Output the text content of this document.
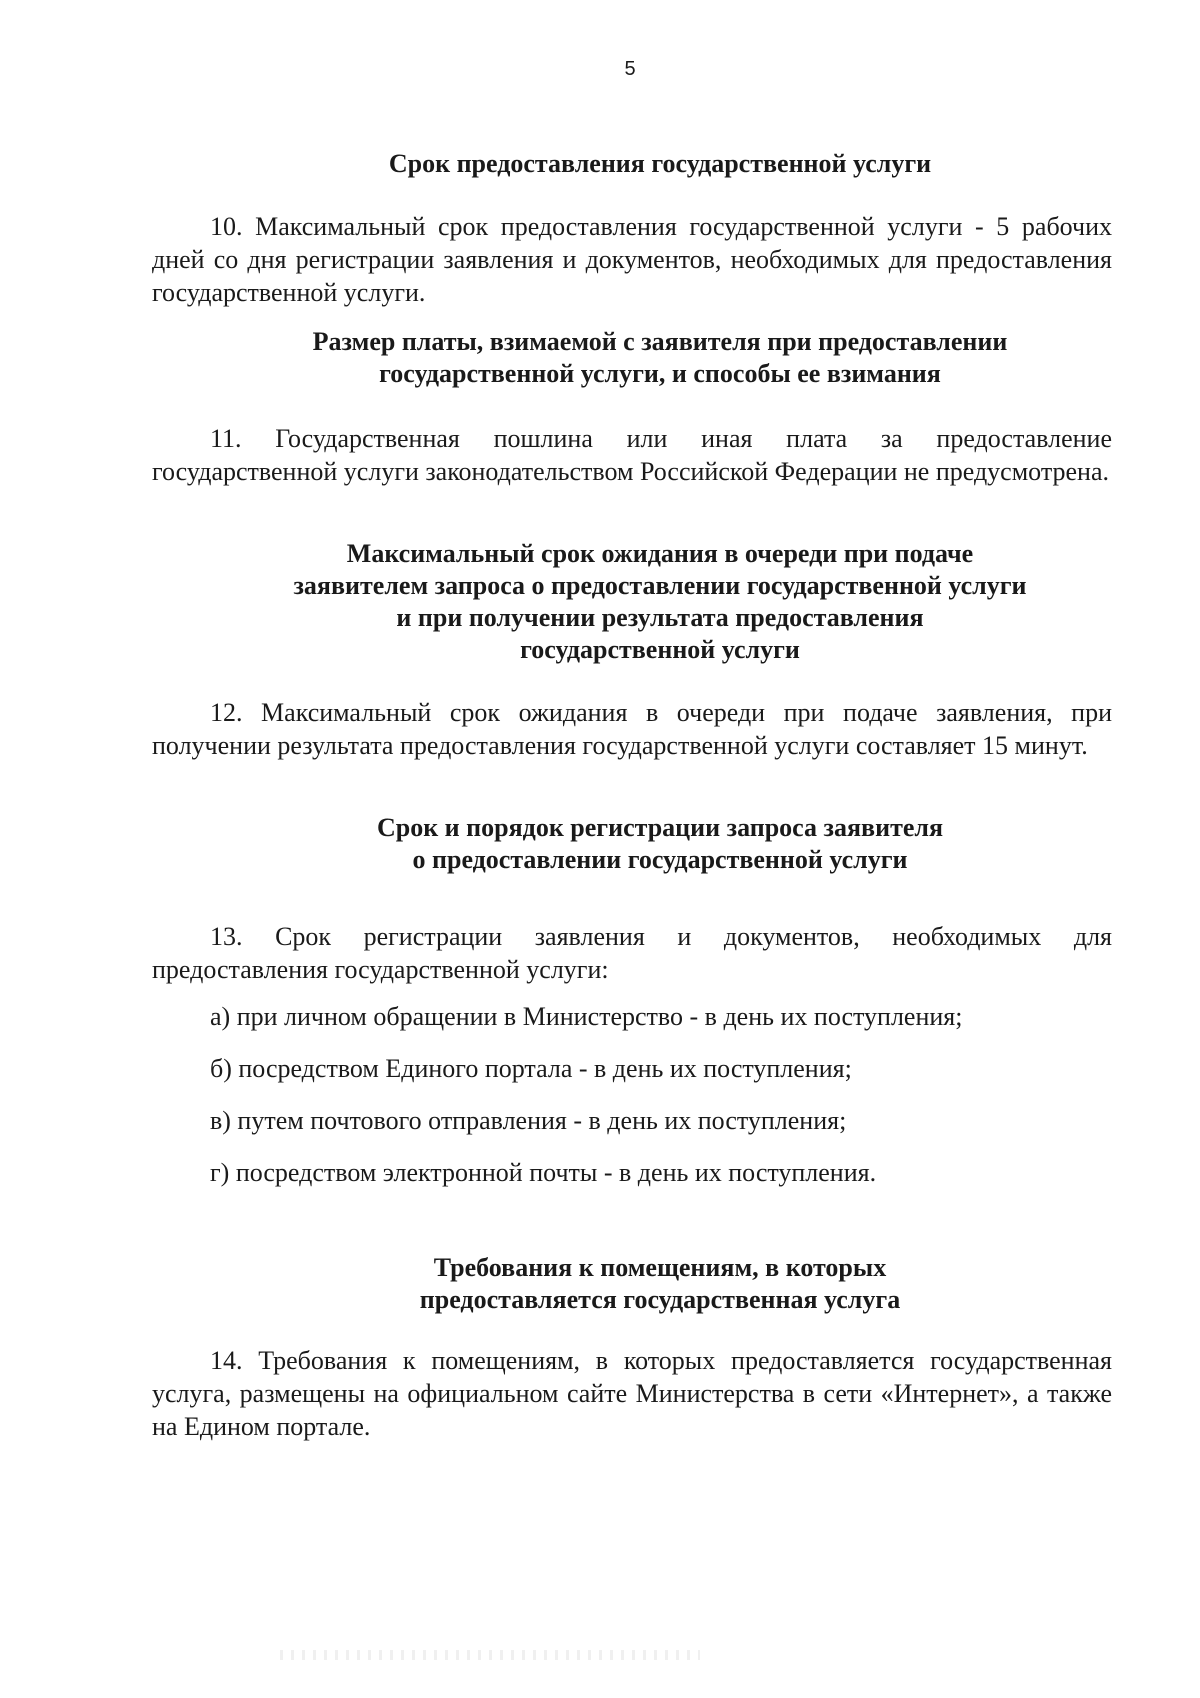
5
Срок предоставления государственной услуги

10. Максимальный срок предоставления государственной услуги - 5 рабочих дней со дня регистрации заявления и документов, необходимых для предоставления государственной услуги.

Размер платы, взимаемой с заявителя при предоставлении
государственной услуги, и способы ее взимания

11. Государственная пошлина или иная плата за предоставление государственной услуги законодательством Российской Федерации не предусмотрена.

Максимальный срок ожидания в очереди при подаче
заявителем запроса о предоставлении государственной услуги
и при получении результата предоставления
государственной услуги

12. Максимальный срок ожидания в очереди при подаче заявления, при получении результата предоставления государственной услуги составляет 15 минут.

Срок и порядок регистрации запроса заявителя
о предоставлении государственной услуги

13. Срок регистрации заявления и документов, необходимых для предоставления государственной услуги:

а) при личном обращении в Министерство - в день их поступления;

б) посредством Единого портала - в день их поступления;

в) путем почтового отправления - в день их поступления;

г) посредством электронной почты - в день их поступления.

Требования к помещениям, в которых
предоставляется государственная услуга

14. Требования к помещениям, в которых предоставляется государственная услуга, размещены на официальном сайте Министерства в сети «Интернет», а также на Едином портале.
